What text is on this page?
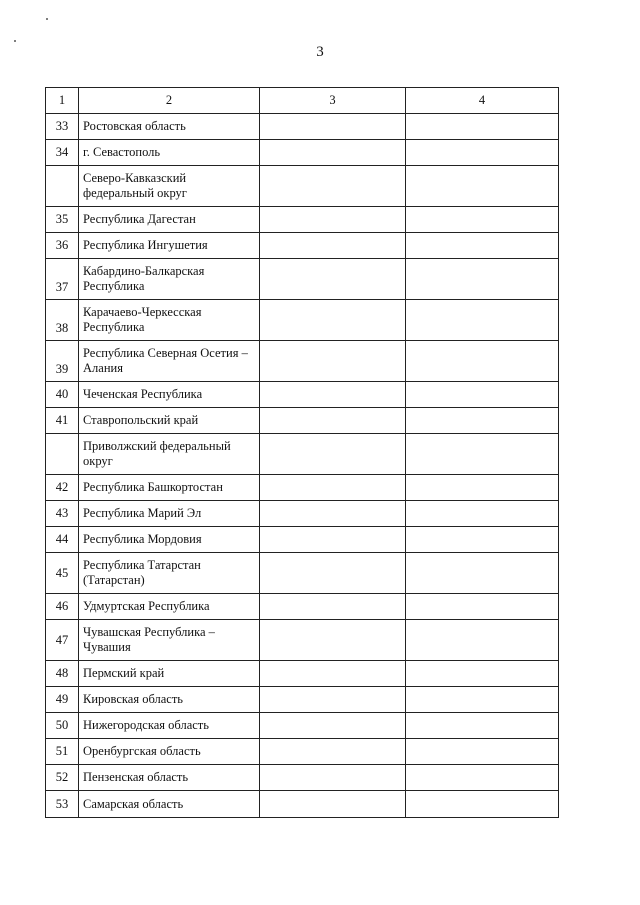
3
1	2	3	4
33	Ростовская область		
34	г. Севастополь		
	Северо-Кавказский федеральный округ		
35	Республика Дагестан		
36	Республика Ингушетия		
37	Кабардино-Балкарская Республика		
38	Карачаево-Черкесская Республика		
39	Республика Северная Осетия – Алания		
40	Чеченская Республика		
41	Ставропольский край		
	Приволжский федеральный округ		
42	Республика Башкортостан		
43	Республика Марий Эл		
44	Республика Мордовия		
45	Республика Татарстан (Татарстан)		
46	Удмуртская Республика		
47	Чувашская Республика – Чувашия		
48	Пермский край		
49	Кировская область		
50	Нижегородская область		
51	Оренбургская область		
52	Пензенская область		
53	Самарская область		
